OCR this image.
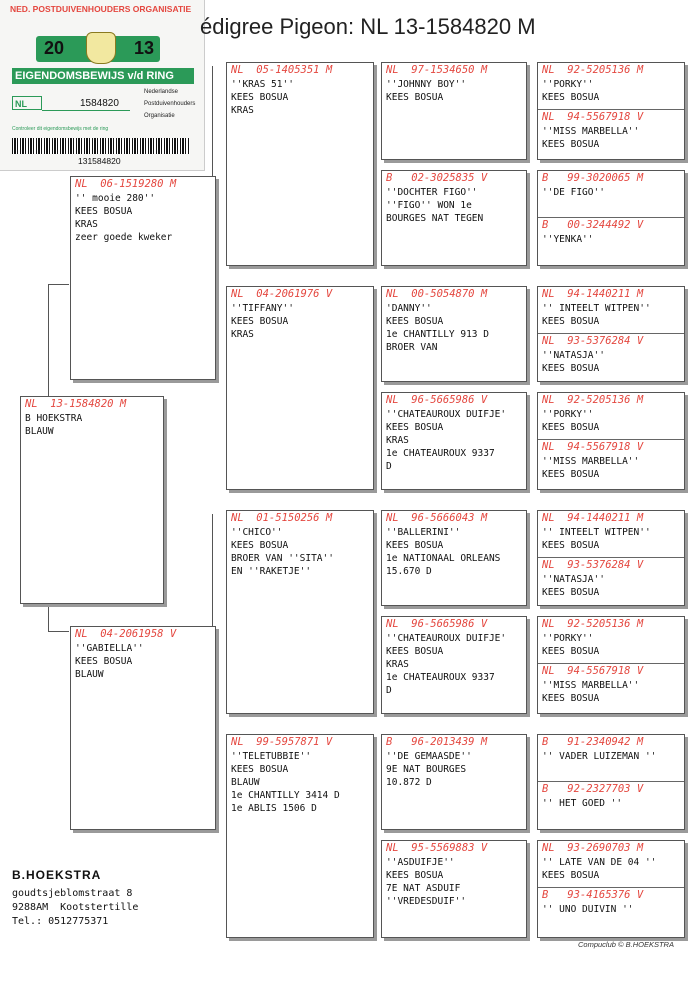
NED. POSTDUIVENHOUDERS ORGANISATIE
20	13
EIGENDOMSBEWIJS v/d RING
NL	1584820
Nederlandse
Postduivenhouders
Organisatie
Controleer dit eigendomsbewijs met de ring
131584820
édigree Pigeon: NL 13-1584820 M
NL  13-1584820 M
B HOEKSTRA
BLAUW
NL  06-1519280 M
'' mooie 280''
KEES BOSUA
KRAS
zeer goede kweker
NL  04-2061958 V
''GABIELLA''
KEES BOSUA
BLAUW
NL  05-1405351 M
''KRAS 51''
KEES BOSUA
KRAS
NL  04-2061976 V
''TIFFANY''
KEES BOSUA
KRAS
NL  01-5150256 M
''CHICO''
KEES BOSUA
BROER VAN ''SITA''
EN ''RAKETJE''
NL  99-5957871 V
''TELETUBBIE''
KEES BOSUA
BLAUW
1e CHANTILLY 3414 D
1e ABLIS 1506 D
NL  97-1534650 M
''JOHNNY BOY''
KEES BOSUA
B   02-3025835 V
''DOCHTER FIGO''
''FIGO'' WON 1e
BOURGES NAT TEGEN
NL  00-5054870 M
'DANNY''
KEES BOSUA
1e CHANTILLY 913 D
BROER VAN
NL  96-5665986 V
''CHATEAUROUX DUIFJE'
KEES BOSUA
KRAS
1e CHATEAUROUX 9337
D
NL  96-5666043 M
''BALLERINI''
KEES BOSUA
1e NATIONAAL ORLEANS
15.670 D
NL  96-5665986 V
''CHATEAUROUX DUIFJE'
KEES BOSUA
KRAS
1e CHATEAUROUX 9337
D
B   96-2013439 M
''DE GEMAASDE''
9E NAT BOURGES
10.872 D
NL  95-5569883 V
''ASDUIFJE''
KEES BOSUA
7E NAT ASDUIF
''VREDESDUIF''
NL  92-5205136 M
''PORKY''
KEES BOSUA
NL  94-5567918 V
''MISS MARBELLA''
KEES BOSUA
B   99-3020065 M
''DE FIGO''
B   00-3244492 V
''YENKA''
NL  94-1440211 M
'' INTEELT WITPEN''
KEES BOSUA
NL  93-5376284 V
''NATASJA''
KEES BOSUA
NL  92-5205136 M
''PORKY''
KEES BOSUA
NL  94-5567918 V
''MISS MARBELLA''
KEES BOSUA
NL  94-1440211 M
'' INTEELT WITPEN''
KEES BOSUA
NL  93-5376284 V
''NATASJA''
KEES BOSUA
NL  92-5205136 M
''PORKY''
KEES BOSUA
NL  94-5567918 V
''MISS MARBELLA''
KEES BOSUA
B   91-2340942 M
'' VADER LUIZEMAN ''
B   92-2327703 V
'' HET GOED ''
NL  93-2690703 M
'' LATE VAN DE 04 ''
KEES BOSUA
B   93-4165376 V
'' UNO DUIVIN ''
B.HOEKSTRA
goudtsjeblomstraat 8
9288AM  Kootstertille
Tel.: 0512775371
Compuclub © B.HOEKSTRA
